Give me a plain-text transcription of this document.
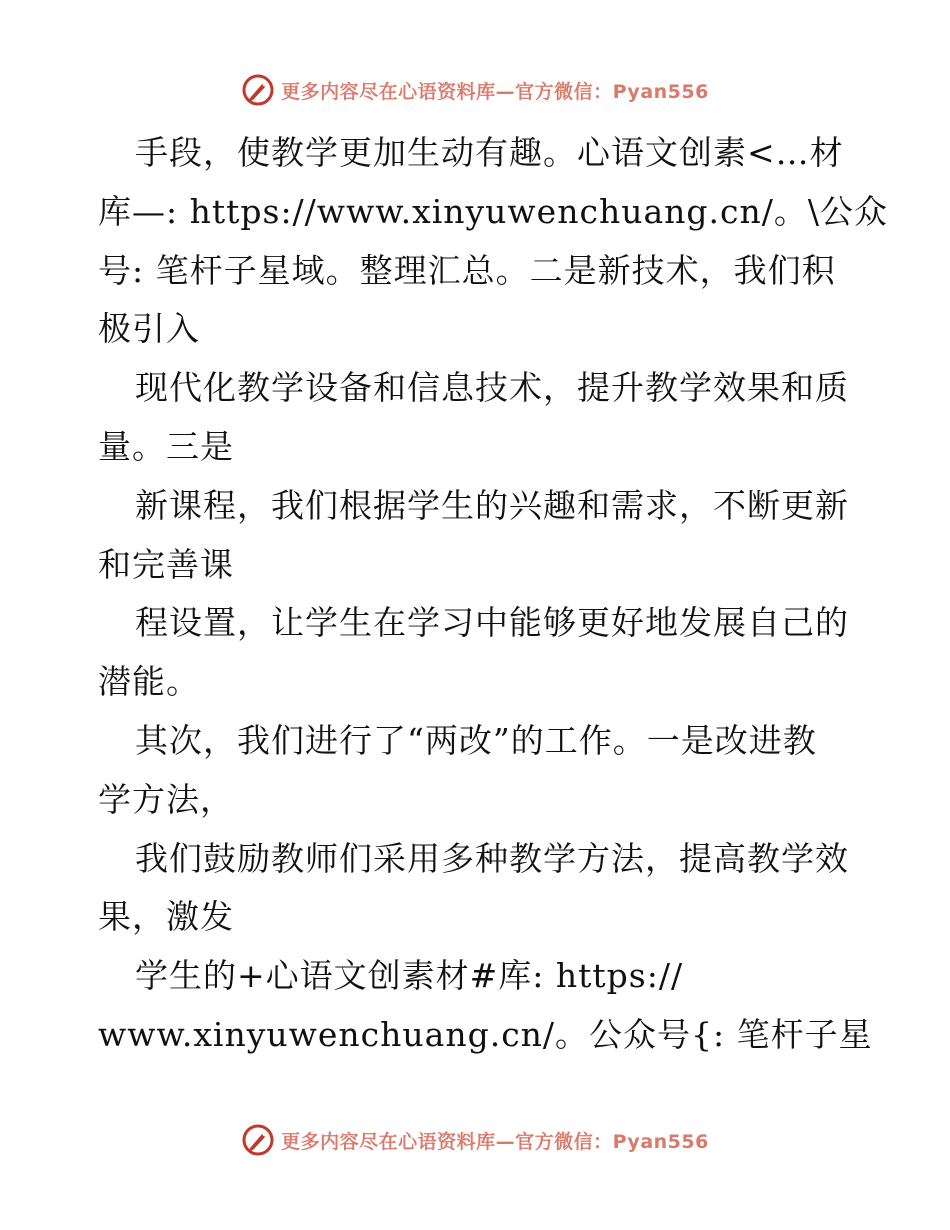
更多内容尽在心语资料库—官方微信：Pyan556
手段，使教学更加生动有趣。心语文创素<…材
库—: https://www.xinyuwenchuang.cn/。\公众
号: 笔杆子星域。整理汇总。二是新技术，我们积
极引入
现代化教学设备和信息技术，提升教学效果和质
量。三是
新课程，我们根据学生的兴趣和需求，不断更新
和完善课
程设置，让学生在学习中能够更好地发展自己的
潜能。
其次，我们进行了“两改”的工作。一是改进教
学方法，
我们鼓励教师们采用多种教学方法，提高教学效
果，激发
学生的+心语文创素材#库: https://
www.xinyuwenchuang.cn/。公众号{: 笔杆子星
更多内容尽在心语资料库—官方微信：Pyan556
